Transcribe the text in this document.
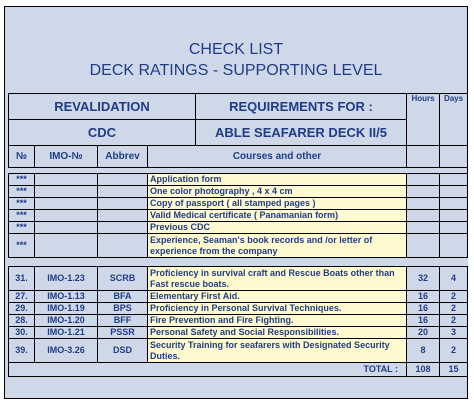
CHECK LIST
DECK RATINGS - SUPPORTING LEVEL
REVALIDATION	REQUIREMENTS FOR :	Hours	Days
CDC	ABLE SEAFARER DECK II/5		
№	IMO-№	Abbrev	Courses and other		
***			Application form		
***			One color photography , 4 x 4 cm		
***			Copy of passport ( all stamped pages )		
***			Valid Medical certificate ( Panamanian form)		
***			Previous CDC		
***			Experience, Seaman's book records and /or letter of experience from the company		

31.	IMO-1.23	SCRB	Proficiency in survival craft and Rescue Boats other than Fast rescue boats.	32	4
27.	IMO-1.13	BFA	Elementary First Aid.	16	2
29.	IMO-1.19	BPS	Proficiency in Personal Survival Techniques.	16	2
28.	IMO-1.20	BFF	Fire Prevention and Fire Fighting.	16	2
30.	IMO-1.21	PSSR	Personal Safety and Social Responsibilities.	20	3
39.	IMO-3.26	DSD	Security Training for seafarers with Designated Security Duties.	8	2
TOTAL :				108	15
